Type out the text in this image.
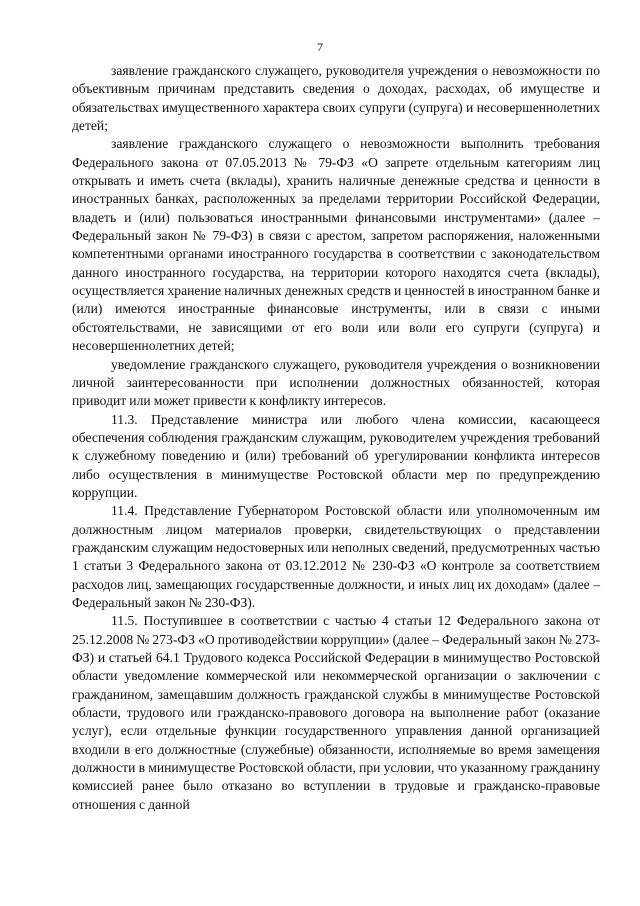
7

заявление гражданского служащего, руководителя учреждения о невозможности по объективным причинам представить сведения о доходах, расходах, об имуществе и обязательствах имущественного характера своих супруги (супруга) и несовершеннолетних детей;

заявление гражданского служащего о невозможности выполнить требования Федерального закона от 07.05.2013 № 79-ФЗ «О запрете отдельным категориям лиц открывать и иметь счета (вклады), хранить наличные денежные средства и ценности в иностранных банках, расположенных за пределами территории Российской Федерации, владеть и (или) пользоваться иностранными финансовыми инструментами» (далее – Федеральный закон № 79-ФЗ) в связи с арестом, запретом распоряжения, наложенными компетентными органами иностранного государства в соответствии с законодательством данного иностранного государства, на территории которого находятся счета (вклады), осуществляется хранение наличных денежных средств и ценностей в иностранном банке и (или) имеются иностранные финансовые инструменты, или в связи с иными обстоятельствами, не зависящими от его воли или воли его супруги (супруга) и несовершеннолетних детей;

уведомление гражданского служащего, руководителя учреждения о возникновении личной заинтересованности при исполнении должностных обязанностей, которая приводит или может привести к конфликту интересов.

11.3. Представление министра или любого члена комиссии, касающееся обеспечения соблюдения гражданским служащим, руководителем учреждения требований к служебному поведению и (или) требований об урегулировании конфликта интересов либо осуществления в минимуществе Ростовской области мер по предупреждению коррупции.

11.4. Представление Губернатором Ростовской области или уполномоченным им должностным лицом материалов проверки, свидетельствующих о представлении гражданским служащим недостоверных или неполных сведений, предусмотренных частью 1 статьи 3 Федерального закона от 03.12.2012 № 230-ФЗ «О контроле за соответствием расходов лиц, замещающих государственные должности, и иных лиц их доходам» (далее – Федеральный закон № 230-ФЗ).

11.5. Поступившее в соответствии с частью 4 статьи 12 Федерального закона от 25.12.2008 № 273-ФЗ «О противодействии коррупции» (далее – Федеральный закон № 273-ФЗ) и статьей 64.1 Трудового кодекса Российской Федерации в минимущество Ростовской области уведомление коммерческой или некоммерческой организации о заключении с гражданином, замещавшим должность гражданской службы в минимуществе Ростовской области, трудового или гражданско-правового договора на выполнение работ (оказание услуг), если отдельные функции государственного управления данной организацией входили в его должностные (служебные) обязанности, исполняемые во время замещения должности в минимуществе Ростовской области, при условии, что указанному гражданину комиссией ранее было отказано во вступлении в трудовые и гражданско-правовые отношения с данной
